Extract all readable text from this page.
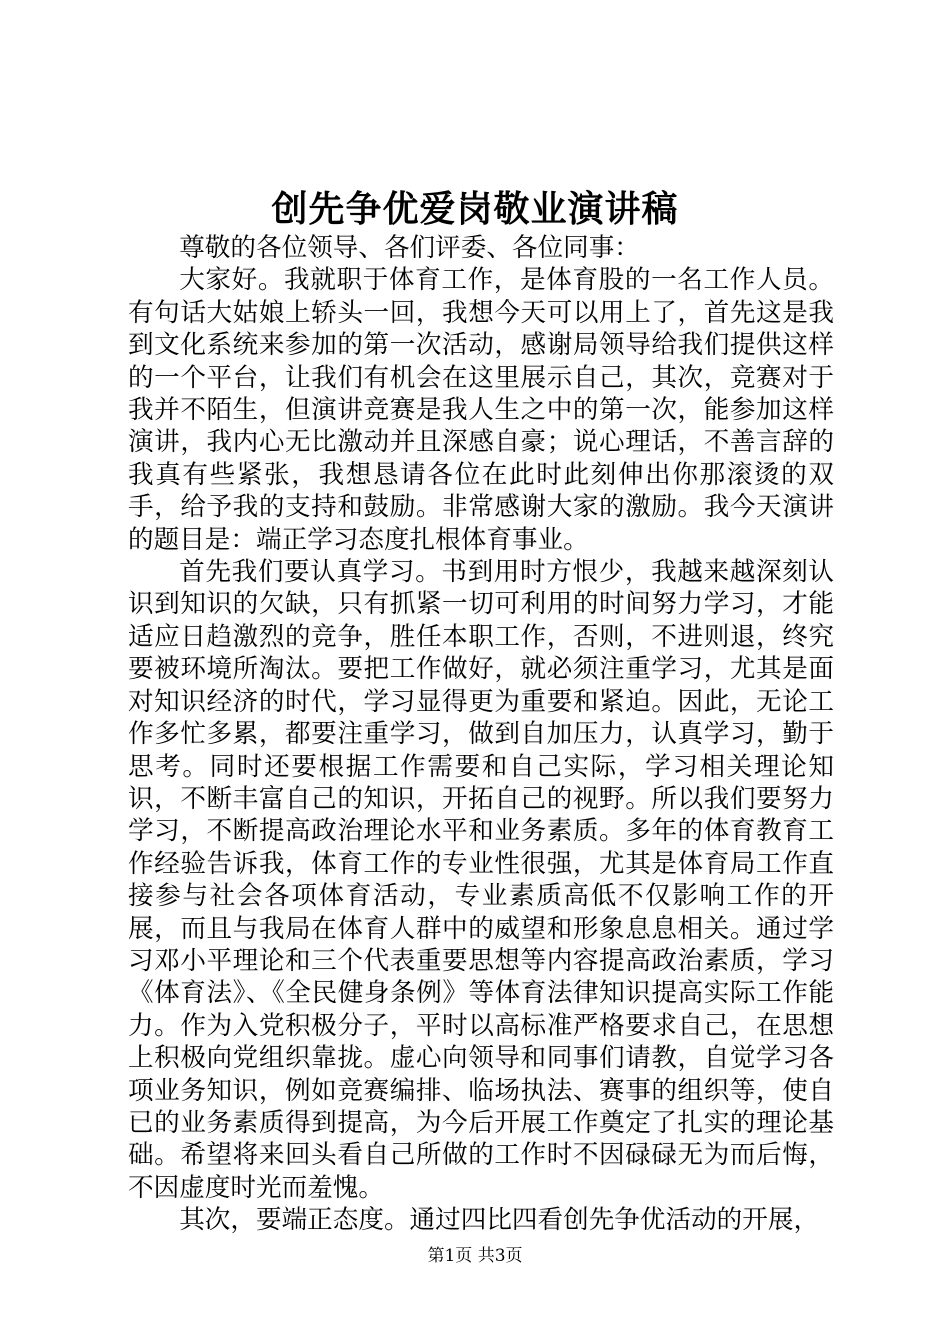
创先争优爱岗敬业演讲稿

尊敬的各位领导、各们评委、各位同事：

大家好。我就职于体育工作，是体育股的一名工作人员。有句话大姑娘上轿头一回，我想今天可以用上了，首先这是我到文化系统来参加的第一次活动，感谢局领导给我们提供这样的一个平台，让我们有机会在这里展示自己，其次，竞赛对于我并不陌生，但演讲竞赛是我人生之中的第一次，能参加这样演讲，我内心无比激动并且深感自豪；说心理话，不善言辞的我真有些紧张，我想恳请各位在此时此刻伸出你那滚烫的双手，给予我的支持和鼓励。非常感谢大家的激励。我今天演讲的题目是：端正学习态度扎根体育事业。

首先我们要认真学习。书到用时方恨少，我越来越深刻认识到知识的欠缺，只有抓紧一切可利用的时间努力学习，才能适应日趋激烈的竞争，胜任本职工作，否则，不进则退，终究要被环境所淘汰。要把工作做好，就必须注重学习，尤其是面对知识经济的时代，学习显得更为重要和紧迫。因此，无论工作多忙多累，都要注重学习，做到自加压力，认真学习，勤于思考。同时还要根据工作需要和自己实际，学习相关理论知识，不断丰富自己的知识，开拓自己的视野。所以我们要努力学习，不断提高政治理论水平和业务素质。多年的体育教育工作经验告诉我，体育工作的专业性很强，尤其是体育局工作直接参与社会各项体育活动，专业素质高低不仅影响工作的开展，而且与我局在体育人群中的威望和形象息息相关。通过学习邓小平理论和三个代表重要思想等内容提高政治素质，学习《体育法》、《全民健身条例》等体育法律知识提高实际工作能力。作为入党积极分子，平时以高标准严格要求自己，在思想上积极向党组织靠拢。虚心向领导和同事们请教，自觉学习各项业务知识，例如竞赛编排、临场执法、赛事的组织等，使自已的业务素质得到提高，为今后开展工作奠定了扎实的理论基础。希望将来回头看自己所做的工作时不因碌碌无为而后悔，不因虚度时光而羞愧。

其次，要端正态度。通过四比四看创先争优活动的开展，

第1页 共3页
